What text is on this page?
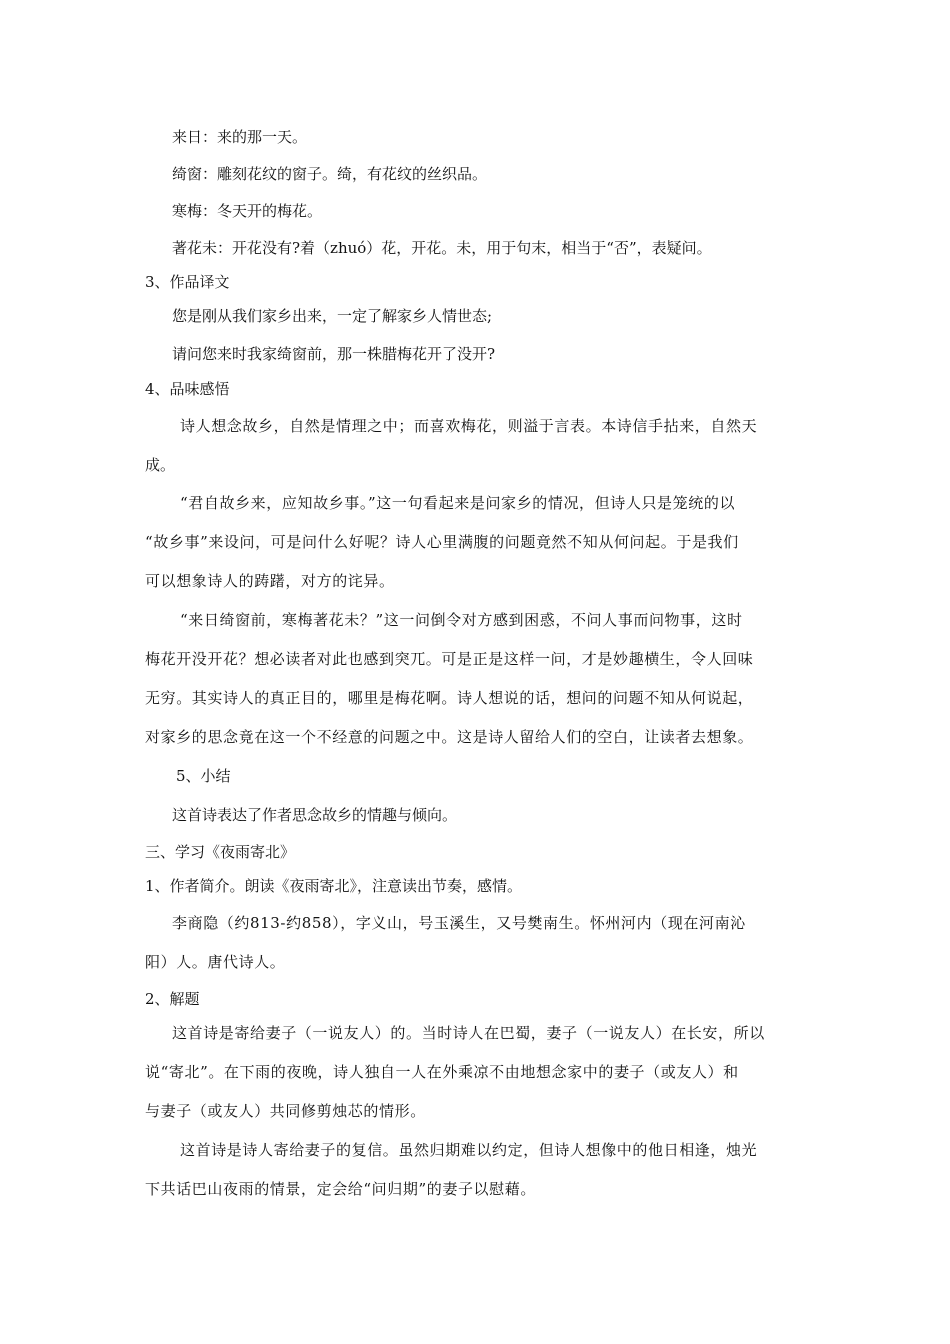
来日：来的那一天。
绮窗：雕刻花纹的窗子。绮，有花纹的丝织品。
寒梅：冬天开的梅花。
著花未：开花没有?着（zhuó）花，开花。未，用于句末，相当于“否”，表疑问。
3、作品译文
您是刚从我们家乡出来，一定了解家乡人情世态;
请问您来时我家绮窗前，那一株腊梅花开了没开?
4、品味感悟
诗人想念故乡，自然是情理之中；而喜欢梅花，则溢于言表。本诗信手拈来，自然天
成。
“君自故乡来，应知故乡事。”这一句看起来是问家乡的情况，但诗人只是笼统的以
“故乡事”来设问，可是问什么好呢？诗人心里满腹的问题竟然不知从何问起。于是我们
可以想象诗人的踌躇，对方的诧异。
“来日绮窗前，寒梅著花未？”这一问倒令对方感到困惑，不问人事而问物事，这时
梅花开没开花？想必读者对此也感到突兀。可是正是这样一问，才是妙趣横生，令人回味
无穷。其实诗人的真正目的，哪里是梅花啊。诗人想说的话，想问的问题不知从何说起，
对家乡的思念竟在这一个不经意的问题之中。这是诗人留给人们的空白，让读者去想象。
5、小结
这首诗表达了作者思念故乡的情趣与倾向。
三、学习《夜雨寄北》
1、作者简介。朗读《夜雨寄北》，注意读出节奏，感情。
李商隐（约813-约858），字义山，号玉溪生，又号樊南生。怀州河内（现在河南沁
阳）人。唐代诗人。
2、解题
这首诗是寄给妻子（一说友人）的。当时诗人在巴蜀，妻子（一说友人）在长安，所以
说“寄北”。在下雨的夜晚，诗人独自一人在外乘凉不由地想念家中的妻子（或友人）和
与妻子（或友人）共同修剪烛芯的情形。
这首诗是诗人寄给妻子的复信。虽然归期难以约定，但诗人想像中的他日相逢，烛光
下共话巴山夜雨的情景，定会给“问归期”的妻子以慰藉。
